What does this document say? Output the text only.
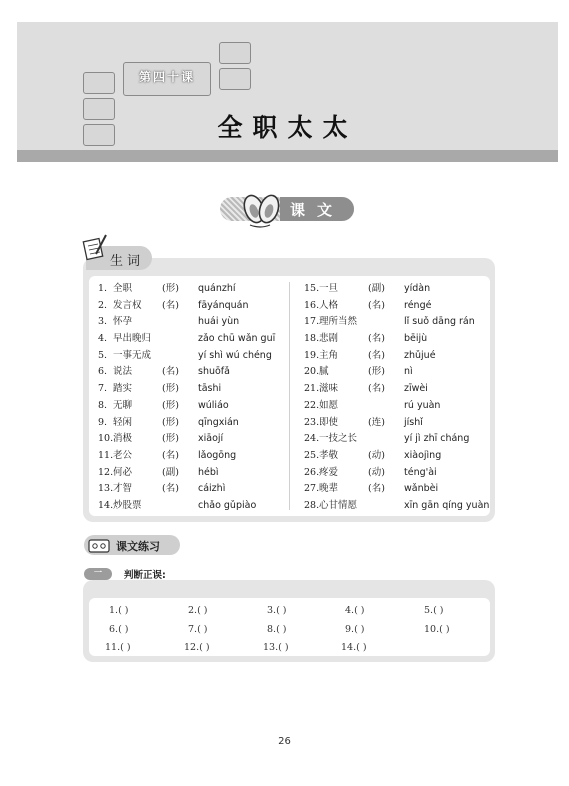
第四十课
全职太太
课文
生词
1. 全职	(形) quánzhí
2. 发言权 (名) fāyánquán
3. 怀孕	huái yùn
4. 早出晚归	zǎo chū wǎn guī
5. 一事无成	yí shì wú chéng
6. 说法	(名) shuōfǎ
7. 踏实	(形) tāshi
8. 无聊	(形) wúliáo
9. 轻闲	(形) qīngxián
10. 消极	(形) xiāojí
11. 老公	(名) lǎogōng
12. 何必	(副) hébì
13. 才智	(名) cáizhì
14. 炒股票	chǎo gǔpiào
15. 一旦	(副) yídàn
16. 人格	(名) réngé
17. 理所当然	lǐ suǒ dāng rán
18. 悲剧	(名) bēijù
19. 主角	(名) zhǔjué
20. 腻	(形) nì
21. 滋味	(名) zīwèi
22. 如愿	rú yuàn
23. 即使	(连) jíshǐ
24. 一技之长	yí jì zhī cháng
25. 孝敬	(动) xiàojìng
26. 疼爱	(动) téng'ài
27. 晚辈	(名) wǎnbèi
28. 心甘情愿	xīn gān qíng yuàn
课文练习
一	判断正误:
1.( )	2.( )	3.( )	4.( )	5.( )
6.( )	7.( )	8.( )	9.( )	10.( )
11.( )	12.( )	13.( )	14.( )
26
